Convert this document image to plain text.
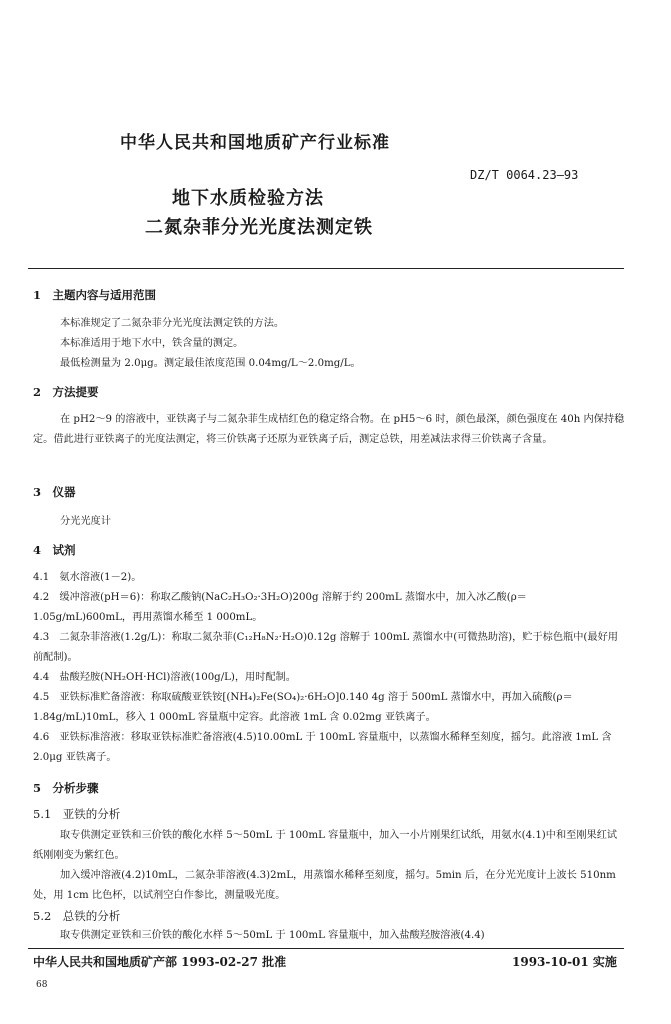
中华人民共和国地质矿产行业标准
DZ/T 0064.23—93
地下水质检验方法
二氮杂菲分光光度法测定铁
1　主题内容与适用范围
本标准规定了二氮杂菲分光光度法测定铁的方法。
本标准适用于地下水中，铁含量的测定。
最低检测量为 2.0μg。测定最佳浓度范围 0.04mg/L～2.0mg/L。
2　方法提要
在 pH2～9 的溶液中，亚铁离子与二氮杂菲生成桔红色的稳定络合物。在 pH5～6 时，颜色最深，颜色强度在 40h 内保持稳定。借此进行亚铁离子的光度法测定，将三价铁离子还原为亚铁离子后，测定总铁，用差减法求得三价铁离子含量。
3　仪器
分光光度计
4　试剂
4.1　氨水溶液(1－2)。
4.2　缓冲溶液(pH＝6)：称取乙酸钠(NaC₂H₃O₂·3H₂O)200g 溶解于约 200mL 蒸馏水中，加入冰乙酸(ρ＝1.05g/mL)600mL，再用蒸馏水稀至 1 000mL。
4.3　二氮杂菲溶液(1.2g/L)：称取二氮杂菲(C₁₂H₈N₂·H₂O)0.12g 溶解于 100mL 蒸馏水中(可微热助溶)，贮于棕色瓶中(最好用前配制)。
4.4　盐酸羟胺(NH₂OH·HCl)溶液(100g/L)，用时配制。
4.5　亚铁标准贮备溶液：称取硫酸亚铁铵[(NH₄)₂Fe(SO₄)₂·6H₂O]0.140 4g 溶于 500mL 蒸馏水中，再加入硫酸(ρ＝1.84g/mL)10mL，移入 1 000mL 容量瓶中定容。此溶液 1mL 含 0.02mg 亚铁离子。
4.6　亚铁标准溶液：移取亚铁标准贮备溶液(4.5)10.00mL 于 100mL 容量瓶中，以蒸馏水稀释至刻度，摇匀。此溶液 1mL 含 2.0μg 亚铁离子。
5　分析步骤
5.1　亚铁的分析
取专供测定亚铁和三价铁的酸化水样 5～50mL 于 100mL 容量瓶中，加入一小片刚果红试纸，用氨水(4.1)中和至刚果红试纸刚刚变为紫红色。
加入缓冲溶液(4.2)10mL，二氮杂菲溶液(4.3)2mL，用蒸馏水稀释至刻度，摇匀。5min 后，在分光光度计上波长 510nm 处，用 1cm 比色杯，以试剂空白作参比，测量吸光度。
5.2　总铁的分析
取专供测定亚铁和三价铁的酸化水样 5～50mL 于 100mL 容量瓶中，加入盐酸羟胺溶液(4.4)
中华人民共和国地质矿产部 1993-02-27 批准	1993-10-01 实施
68
